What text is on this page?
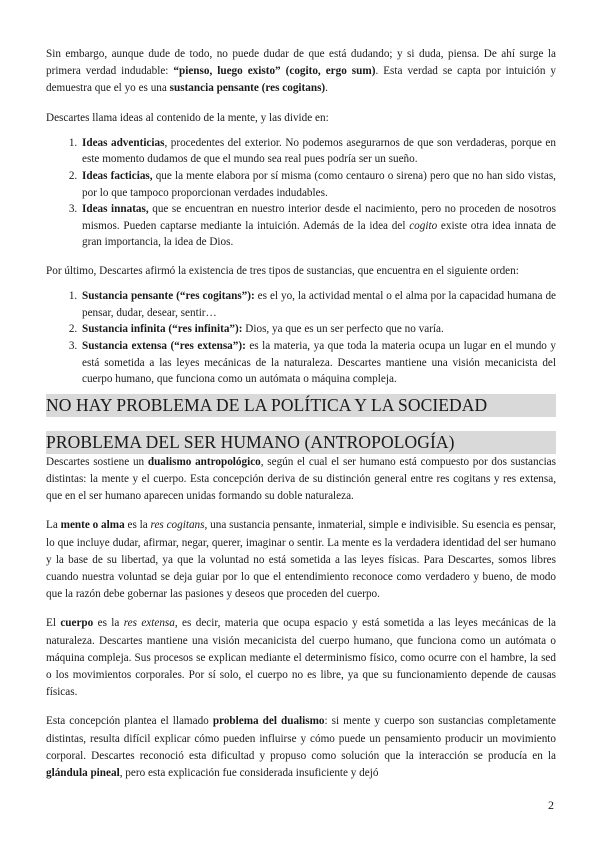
Sin embargo, aunque dude de todo, no puede dudar de que está dudando; y si duda, piensa. De ahí surge la primera verdad indudable: “pienso, luego existo” (cogito, ergo sum). Esta verdad se capta por intuición y demuestra que el yo es una sustancia pensante (res cogitans).

Descartes llama ideas al contenido de la mente, y las divide en:

1. Ideas adventicias, procedentes del exterior. No podemos asegurarnos de que son verdaderas, porque en este momento dudamos de que el mundo sea real pues podría ser un sueño.
2. Ideas facticias, que la mente elabora por sí misma (como centauro o sirena) pero que no han sido vistas, por lo que tampoco proporcionan verdades indudables.
3. Ideas innatas, que se encuentran en nuestro interior desde el nacimiento, pero no proceden de nosotros mismos. Pueden captarse mediante la intuición. Además de la idea del cogito existe otra idea innata de gran importancia, la idea de Dios.

Por último, Descartes afirmó la existencia de tres tipos de sustancias, que encuentra en el siguiente orden:

1. Sustancia pensante (“res cogitans”): es el yo, la actividad mental o el alma por la capacidad humana de pensar, dudar, desear, sentir…
2. Sustancia infinita (“res infinita”): Dios, ya que es un ser perfecto que no varía.
3. Sustancia extensa (“res extensa”): es la materia, ya que toda la materia ocupa un lugar en el mundo y está sometida a las leyes mecánicas de la naturaleza. Descartes mantiene una visión mecanicista del cuerpo humano, que funciona como un autómata o máquina compleja.
NO HAY PROBLEMA DE LA POLÍTICA Y LA SOCIEDAD
PROBLEMA DEL SER HUMANO (ANTROPOLOGÍA)

Descartes sostiene un dualismo antropológico, según el cual el ser humano está compuesto por dos sustancias distintas: la mente y el cuerpo. Esta concepción deriva de su distinción general entre res cogitans y res extensa, que en el ser humano aparecen unidas formando su doble naturaleza.

La mente o alma es la res cogitans, una sustancia pensante, inmaterial, simple e indivisible. Su esencia es pensar, lo que incluye dudar, afirmar, negar, querer, imaginar o sentir. La mente es la verdadera identidad del ser humano y la base de su libertad, ya que la voluntad no está sometida a las leyes físicas. Para Descartes, somos libres cuando nuestra voluntad se deja guiar por lo que el entendimiento reconoce como verdadero y bueno, de modo que la razón debe gobernar las pasiones y deseos que proceden del cuerpo.

El cuerpo es la res extensa, es decir, materia que ocupa espacio y está sometida a las leyes mecánicas de la naturaleza. Descartes mantiene una visión mecanicista del cuerpo humano, que funciona como un autómata o máquina compleja. Sus procesos se explican mediante el determinismo físico, como ocurre con el hambre, la sed o los movimientos corporales. Por sí solo, el cuerpo no es libre, ya que su funcionamiento depende de causas físicas.

Esta concepción plantea el llamado problema del dualismo: si mente y cuerpo son sustancias completamente distintas, resulta difícil explicar cómo pueden influirse y cómo puede un pensamiento producir un movimiento corporal. Descartes reconoció esta dificultad y propuso como solución que la interacción se producía en la glándula pineal, pero esta explicación fue considerada insuficiente y dejó

2
